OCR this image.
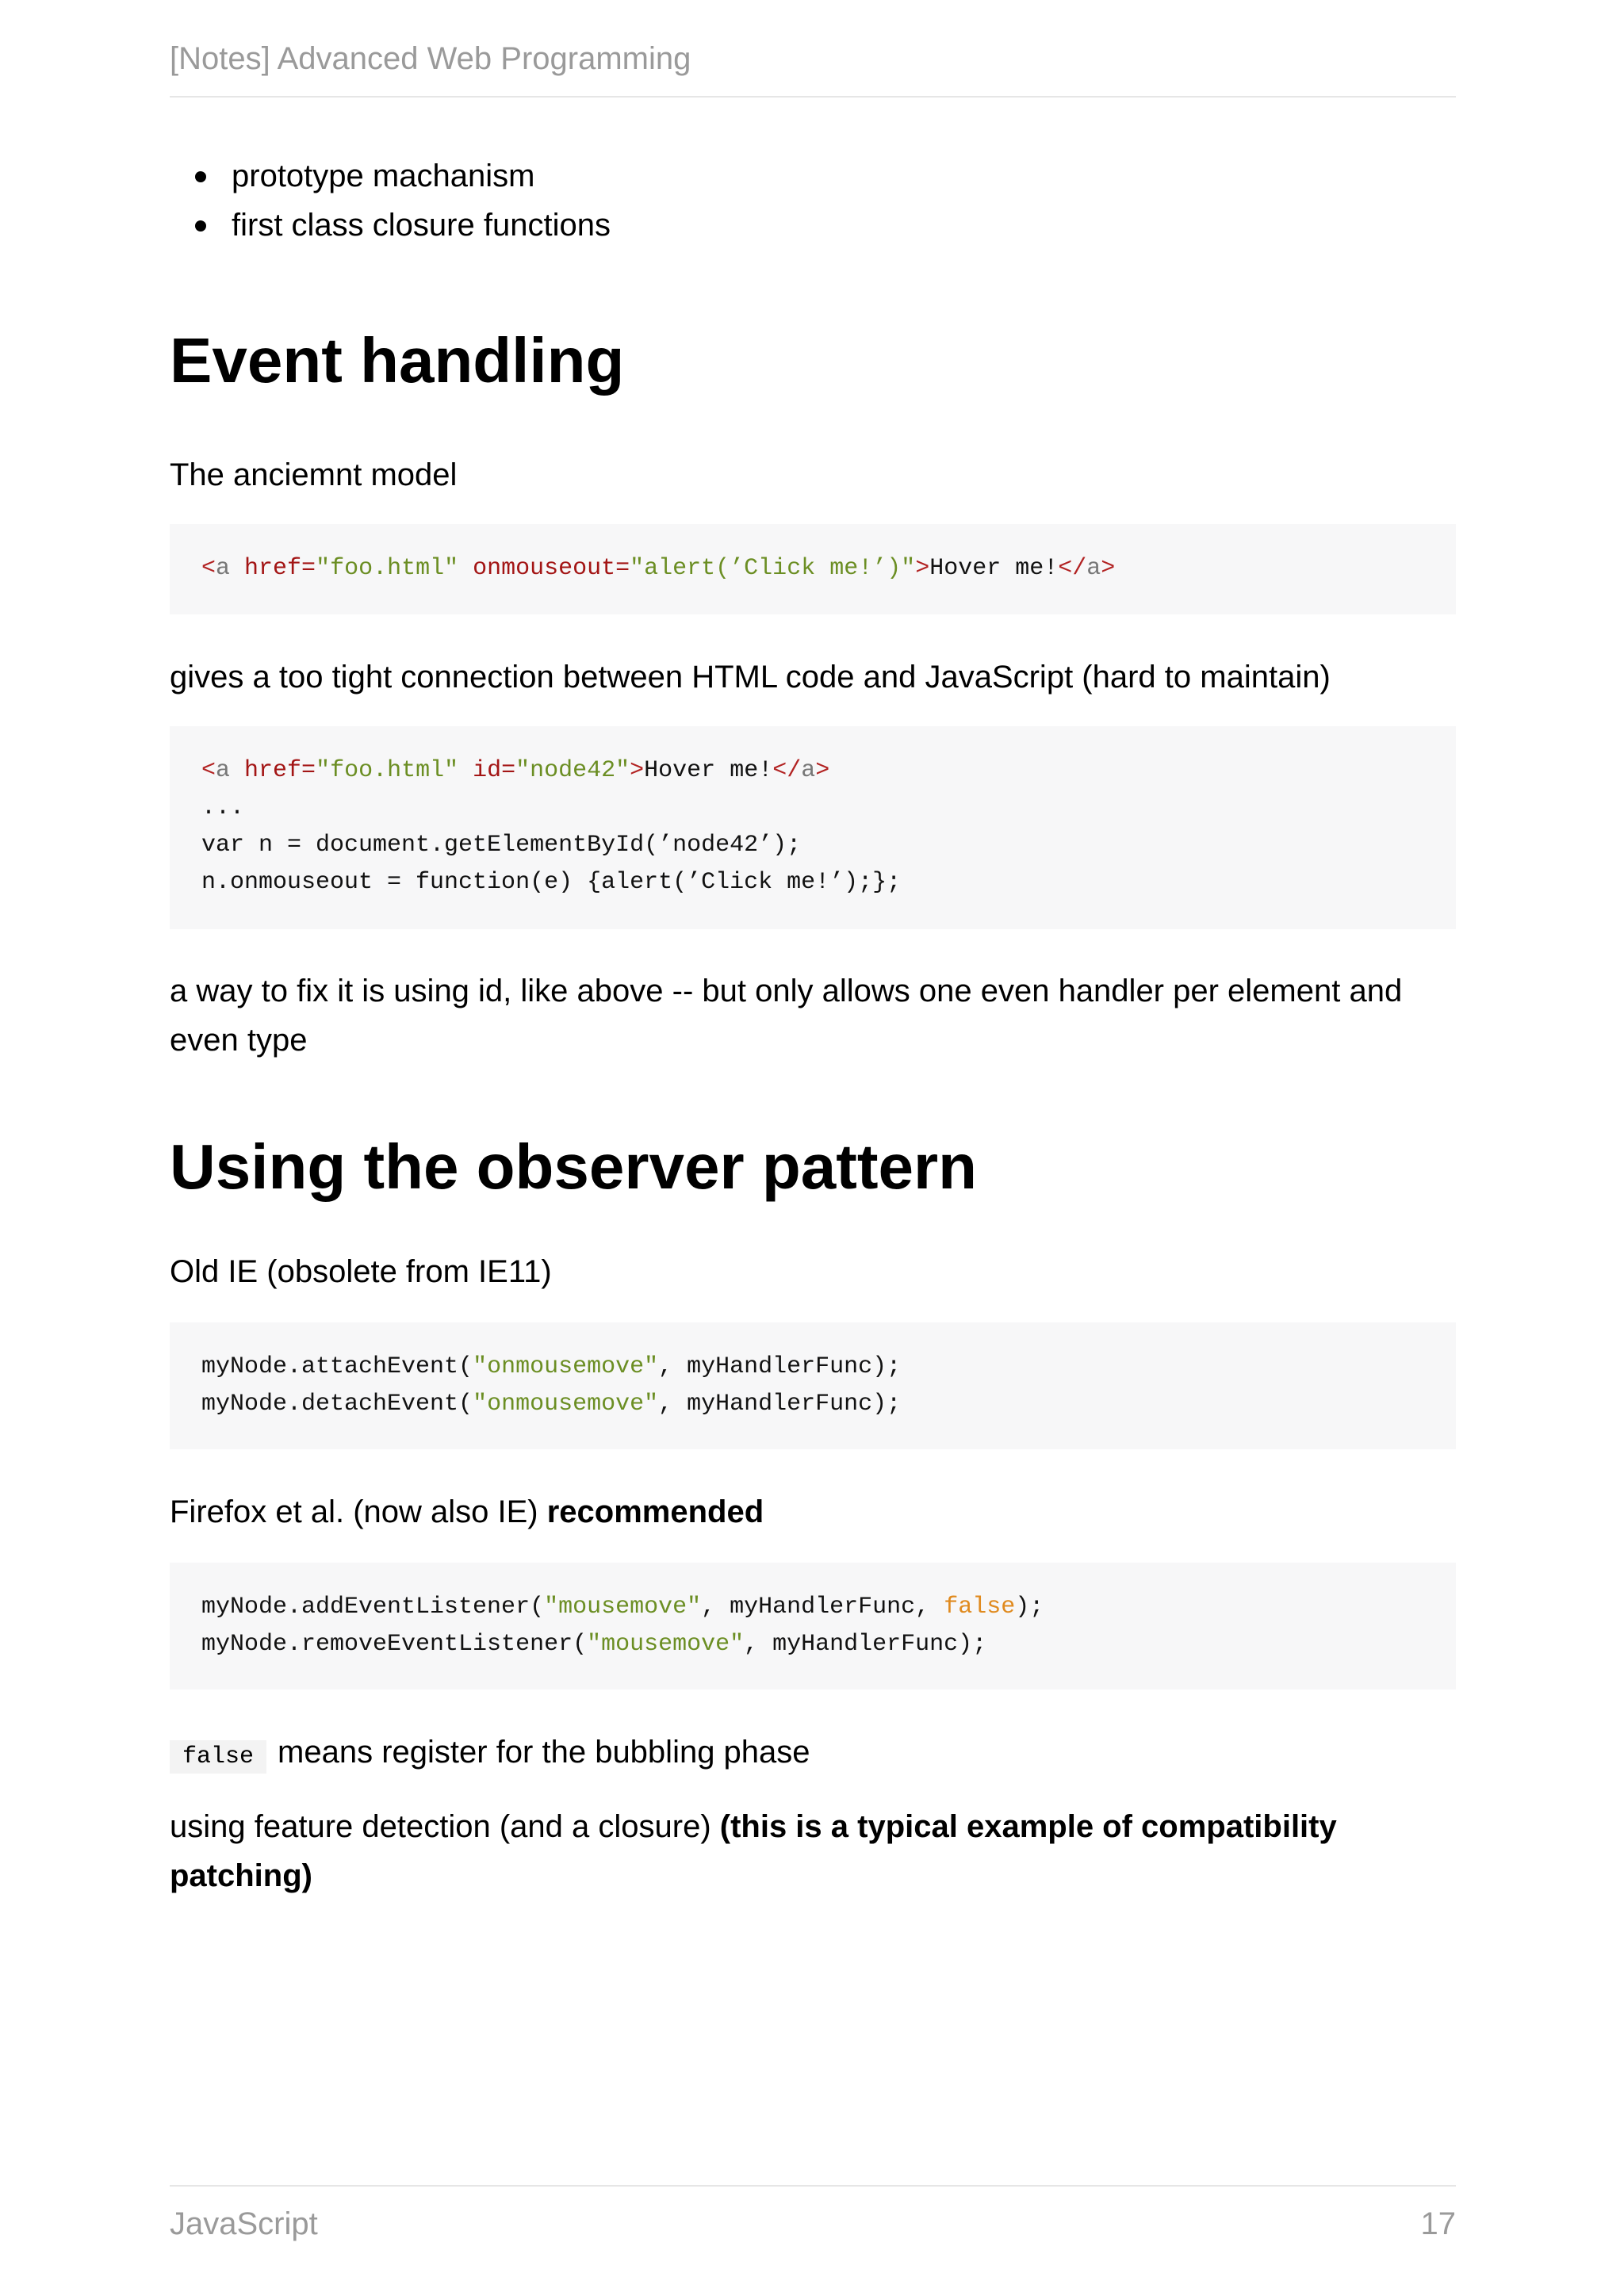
[Notes] Advanced Web Programming
prototype machanism
first class closure functions
Event handling

The anciemnt model

<a href="foo.html" onmouseout="alert(’Click me!’)">Hover me!</a>

gives a too tight connection between HTML code and JavaScript (hard to maintain)

<a href="foo.html" id="node42">Hover me!</a>
...
var n = document.getElementById(’node42’);
n.onmouseout = function(e) {alert(’Click me!’);};

a way to fix it is using id, like above -- but only allows one even handler per element and even type

Using the observer pattern

Old IE (obsolete from IE11)

myNode.attachEvent("onmousemove", myHandlerFunc);
myNode.detachEvent("onmousemove", myHandlerFunc);

Firefox et al. (now also IE) recommended

myNode.addEventListener("mousemove", myHandlerFunc, false);
myNode.removeEventListener("mousemove", myHandlerFunc);

false means register for the bubbling phase

using feature detection (and a closure) (this is a typical example of compatibility patching)

JavaScript	17
